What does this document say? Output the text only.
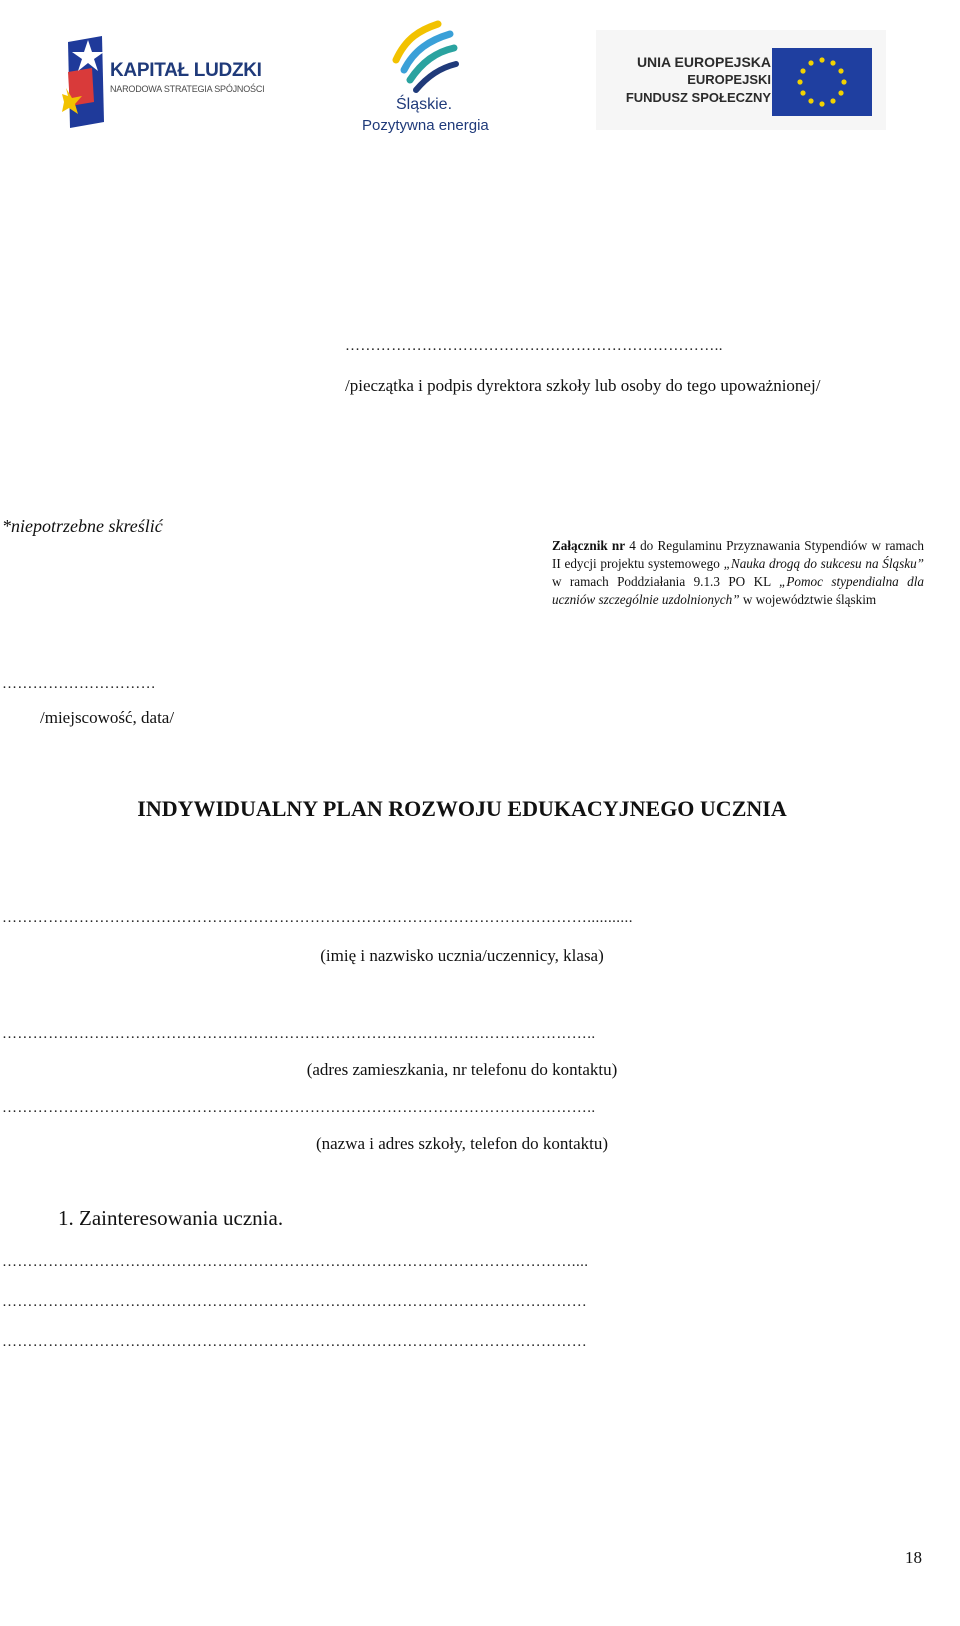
KAPITAŁ LUDZKI
NARODOWA STRATEGIA SPÓJNOŚCI
Śląskie.
Pozytywna energia
UNIA EUROPEJSKA
EUROPEJSKI
FUNDUSZ SPOŁECZNY
………………………………………………………………..
/pieczątka i podpis dyrektora szkoły lub osoby do tego upoważnionej/
*niepotrzebne skreślić
Załącznik nr 4 do Regulaminu Przyznawania Stypendiów w ramach II edycji projektu systemowego „Nauka drogą do sukcesu na Śląsku” w ramach Poddziałania 9.1.3 PO KL „Pomoc stypendialna dla uczniów szczególnie uzdolnionych” w województwie śląskim
…………………………
/miejscowość, data/
INDYWIDUALNY PLAN ROZWOJU EDUKACYJNEGO UCZNIA
……………………………………………………………………………………………………...........
(imię i nazwisko ucznia/uczennicy, klasa)
……………………………………………………………………………………………………..
(adres zamieszkania, nr telefonu do kontaktu)
……………………………………………………………………………………………………..
(nazwa i adres szkoły, telefon do kontaktu)
1. Zainteresowania ucznia.
…………………………………………………………………………………………………....
……………………………………………………………………………………………………
……………………………………………………………………………………………………
18
